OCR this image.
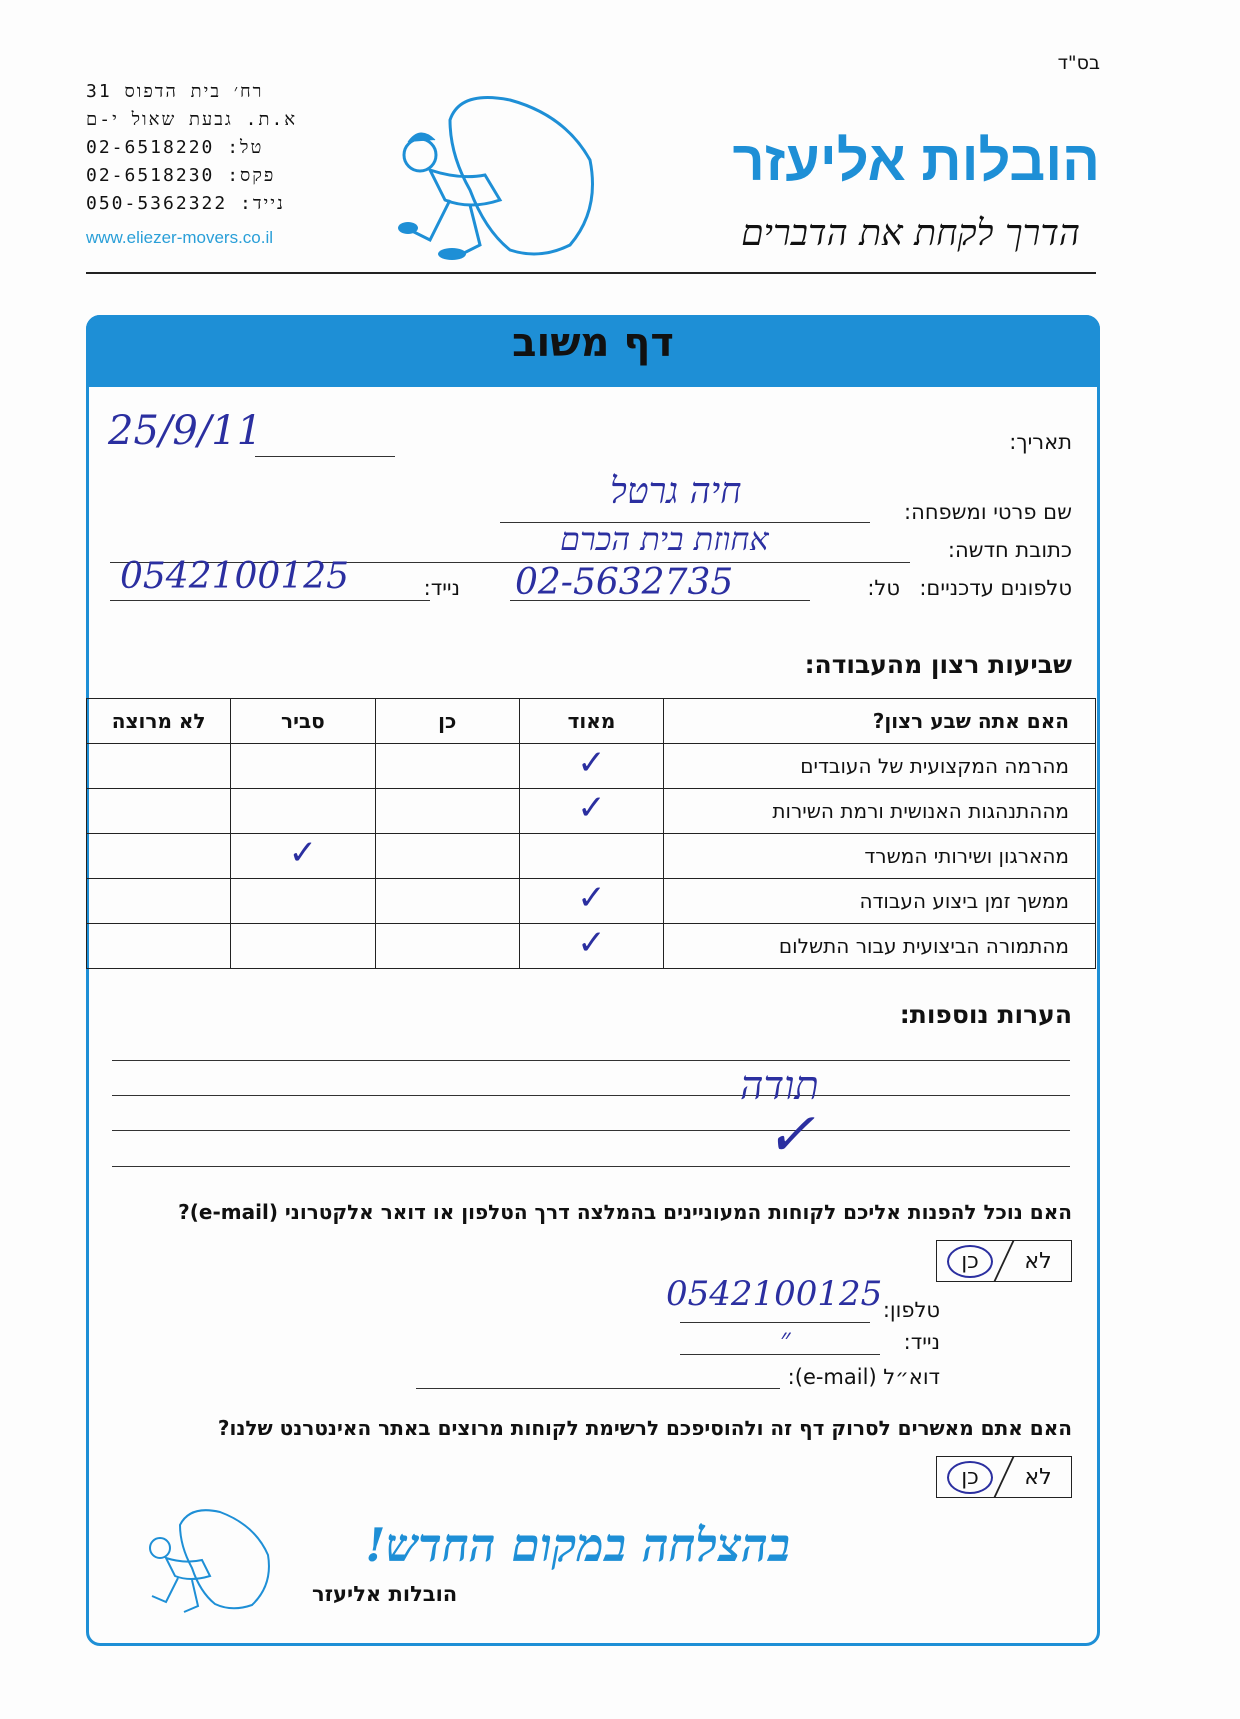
בס"ד
רח׳ בית הדפוס 31
א.ת. גבעת שאול י-ם
טל: 02-6518220
פקס: 02-6518230
נייד: 050-5362322
www.eliezer-movers.co.il
הובלות אליעזר
הדרך לקחת את הדברים
דף משוב
תאריך:
25/9/11
שם פרטי ומשפחה:
חיה גרטל
כתובת חדשה:
אחוזת בית הכרם
טלפונים עדכניים:
טל:
02-5632735
נייד:
0542100125
שביעות רצון מהעבודה:
לא מרוצה	סביר	כן	מאוד	האם אתה שבע רצון?
			✓	מהרמה המקצועית של העובדים
			✓	מההתנהגות האנושית ורמת השירות
	✓			מהארגון ושירותי המשרד
			✓	ממשך זמן ביצוע העבודה
			✓	מהתמורה הביצועית עבור התשלום
הערות נוספות:
תודה
✓
האם נוכל להפנות אליכם לקוחות המעוניינים בהמלצה דרך הטלפון או דואר אלקטרוני (e-mail)?
לא
כן
טלפון:
0542100125
נייד:
״
דוא״ל (e-mail):
האם אתם מאשרים לסרוק דף זה ולהוסיפכם לרשימת לקוחות מרוצים באתר האינטרנט שלנו?
לא
כן
בהצלחה במקום החדש!
הובלות אליעזר
